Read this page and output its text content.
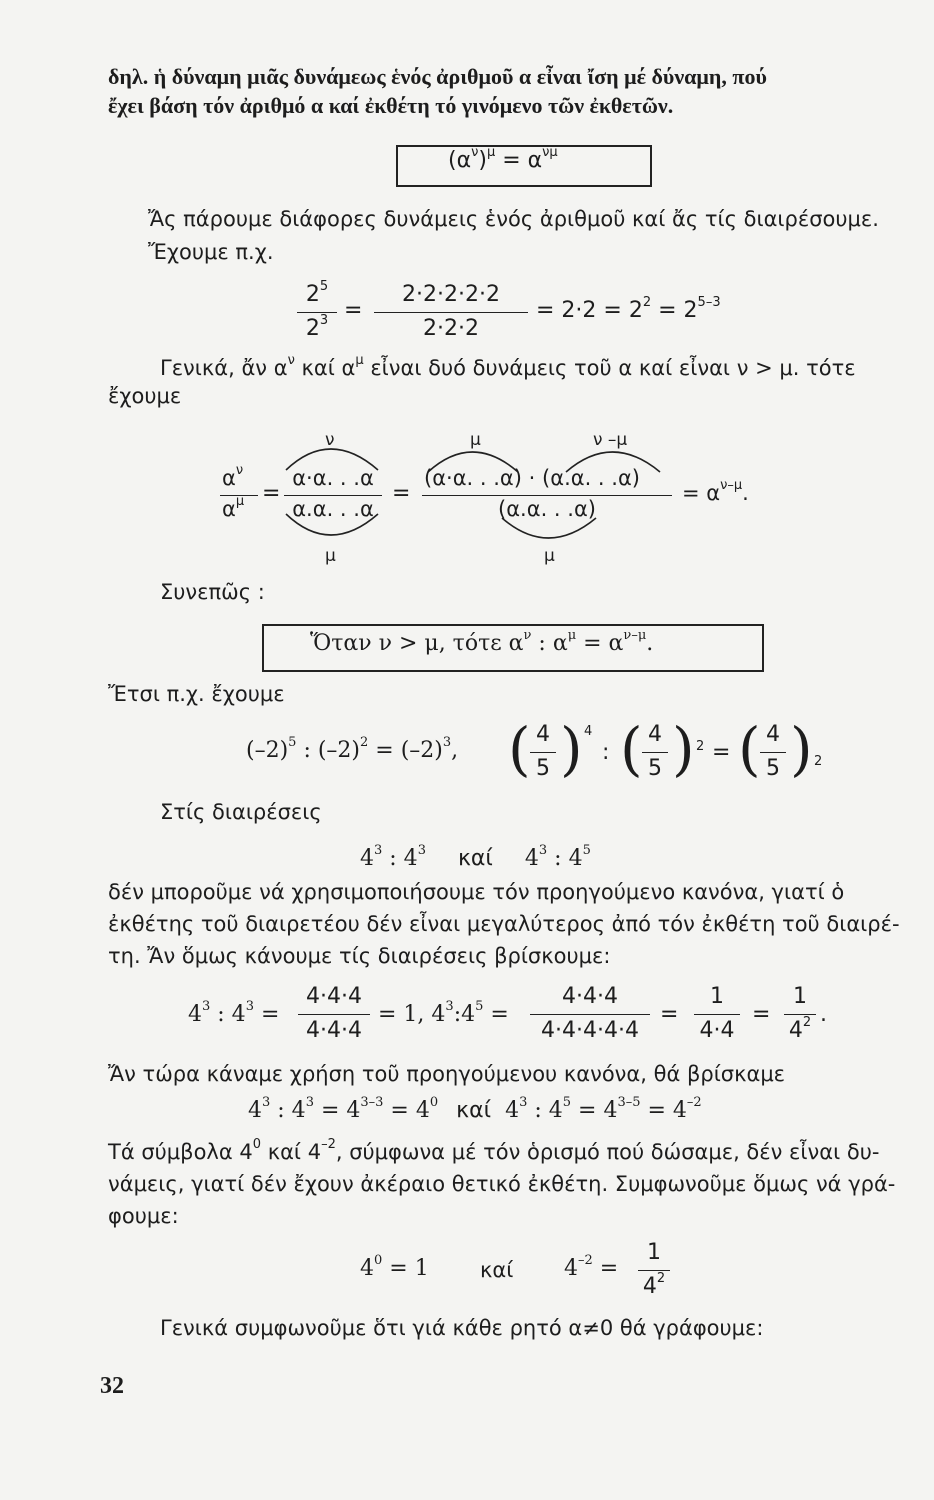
δηλ. ἡ δύναμη μιᾶς δυνάμεως ἑνός ἀριθμοῦ α εἶναι ἴση μέ δύναμη, πού
ἔχει βάση τόν ἀριθμό α καί ἐκθέτη τό γινόμενο τῶν ἐκθετῶν.
$(\alpha^\nu)^\mu = \alpha^{\nu\mu}$
Ἄς πάρουμε διάφορες δυνάμεις ἑνός ἀριθμοῦ καί ἄς τίς διαιρέσουμε.
Ἔχουμε π.χ.
$2^5$
$2^3$ =
2·2·2·2·2
2·2·2
= $2\cdot 2 = 2^2 = 2^{5-3}$
Γενικά, ἄν $\alpha^\nu$ καί $\alpha^\mu$ εἶναι δυό δυνάμεις τοῦ α καί εἶναι ν > μ. τότε
ἔχουμε
ν	μ	ν –μ
$\alpha^\nu$
$\alpha^\mu$ =
α·α. . .α
α.α. . .α
=
(α·α. . .α) · (α.α. . .α)
(α.α. . .α)
= $\alpha^{\nu-\mu}$.
μ	μ
Συνεπῶς :
Ὅταν ν > μ, τότε $\alpha^\nu$ : $\alpha^\mu = \alpha^{\nu-\mu}$.
Ἔτσι π.χ. ἔχουμε
$(-2)^5$ : $(-2)^2 = (-2)^3$, ( 4
5 ) 4
: ( 4
5 ) 2 = ( 4
5 ) 2
Στίς διαιρέσεις
$4^3$ : $4^3$ καί $4^3$ : $4^5$
δέν μποροῦμε νά χρησιμοποιήσουμε τόν προηγούμενο κανόνα, γιατί ὁ
ἐκθέτης τοῦ διαιρετέου δέν εἶναι μεγαλύτερος ἀπό τόν ἐκθέτη τοῦ διαιρέ-
τη. Ἄν ὅμως κάνουμε τίς διαιρέσεις βρίσκουμε:
$4^3$ : $4^3$ =
4·4·4
4·4·4
= 1, $4^3:4^5$ =
4·4·4
4·4·4·4·4
=
1
4·4
=
1
$4^2$ .
Ἄν τώρα κάναμε χρήση τοῦ προηγούμενου κανόνα, θά βρίσκαμε
$4^3$ : $4^3 = 4^{3-3} = 4^0$ καί $4^3$ : $4^5 = 4^{3-5} = 4^{-2}$
Τά σύμβολα $4^0$ καί $4^{-2}$, σύμφωνα μέ τόν ὁρισμό πού δώσαμε, δέν εἶναι δυ-
νάμεις, γιατί δέν ἔχουν ἀκέραιο θετικό ἐκθέτη. Συμφωνοῦμε ὅμως νά γρά-
φουμε:
$4^0 = 1$ καί $4^{-2}$ =
1
$4^2$
Γενικά συμφωνοῦμε ὅτι γιά κάθε ρητό α≠0 θά γράφουμε:
32
